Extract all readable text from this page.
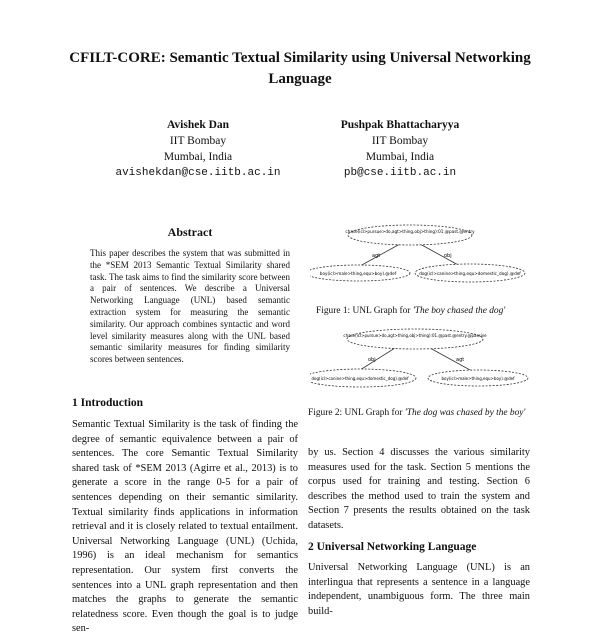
CFILT-CORE: Semantic Textual Similarity using Universal Networking Language
Avishek Dan
IIT Bombay
Mumbai, India
avishekdan@cse.iitb.ac.in
Pushpak Bhattacharyya
IIT Bombay
Mumbai, India
pb@cse.iitb.ac.in
Abstract
This paper describes the system that was submitted in the *SEM 2013 Semantic Textual Similarity shared task. The task aims to find the similarity score between a pair of sentences. We describe a Universal Networking Language (UNL) based semantic extraction system for measuring the semantic similarity. Our approach combines syntactic and word level similarity measures along with the UNL based semantic similarity measures for finding similarity scores between sentences.
1 Introduction
Semantic Textual Similarity is the task of finding the degree of semantic equivalence between a pair of sentences. The core Semantic Textual Similarity shared task of *SEM 2013 (Agirre et al., 2013) is to generate a score in the range 0-5 for a pair of sentences depending on their semantic similarity. Textual similarity finds applications in information retrieval and it is closely related to textual entailment. Universal Networking Language (UNL) (Uchida, 1996) is an ideal mechanism for semantics representation. Our system first converts the sentences into a UNL graph representation and then matches the graphs to generate the semantic relatedness score. Even though the goal is to judge sen-
agt	obj
chase(icl>pursue>do,agt>thing,obj>thing):01.@past.@entry
boy(icl>male>thing,equ>boy).@def	dog(icl>canine>thing,equ>domestic_dog).@def
Figure 1: UNL Graph for 'The boy chased the dog'
obj	agt
chase(icl>pursue>do,agt>thing,obj>thing):01.@past.@entry.@passive
dog(icl>canine>thing,equ>domestic_dog).@def	boy(icl>male>thing,equ>boy).@def
Figure 2: UNL Graph for 'The dog was chased by the boy'
by us. Section 4 discusses the various similarity measures used for the task. Section 5 mentions the corpus used for training and testing. Section 6 describes the method used to train the system and Section 7 presents the results obtained on the task datasets.
2 Universal Networking Language
Universal Networking Language (UNL) is an interlingua that represents a sentence in a language independent, unambiguous form. The three main build-
